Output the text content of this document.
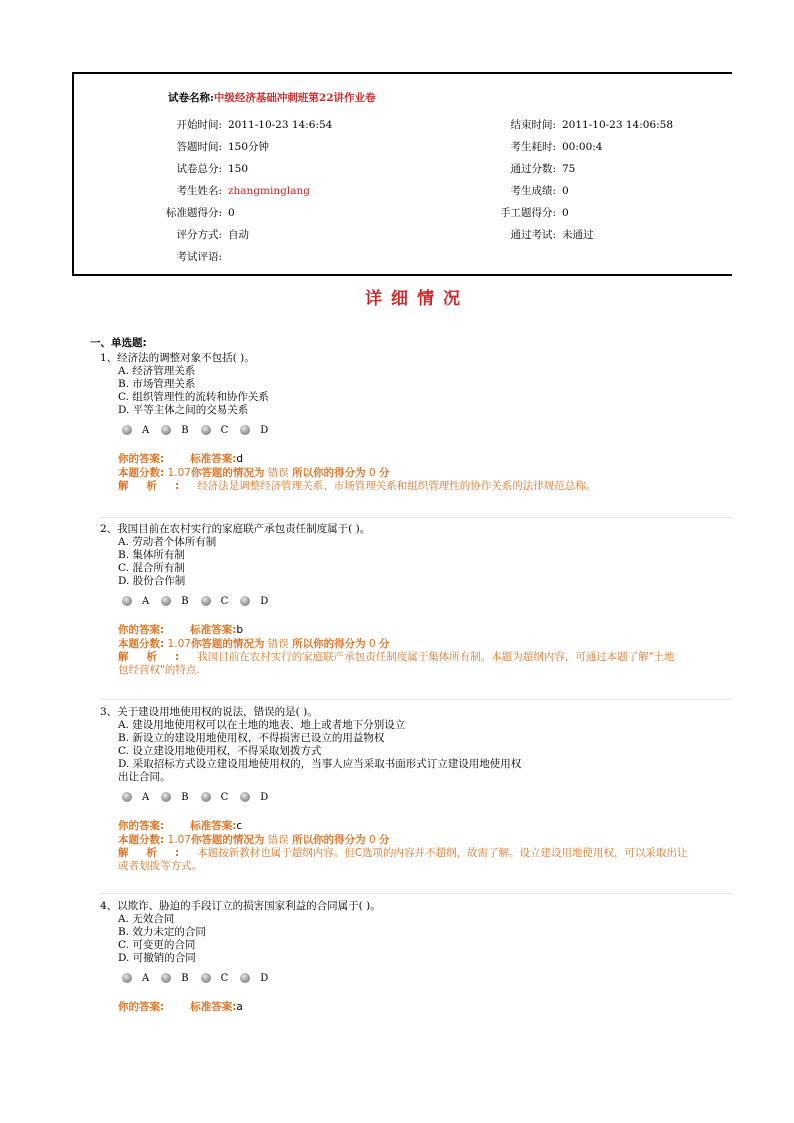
试卷名称:中级经济基础冲刺班第22讲作业卷
开始时间: 2011-10-23 14:6:54	结束时间: 2011-10-23 14:06:58
答题时间: 150分钟	考生耗时: 00:00:4
试卷总分: 150	通过分数: 75
考生姓名: zhangminglang	考生成绩: 0
标准题得分: 0	手工题得分: 0
评分方式: 自动	通过考试: 未通过
考试评语:
详细情况
一、单选题:
1、经济法的调整对象不包括( )。
A. 经济管理关系
B. 市场管理关系
C. 组织管理性的流转和协作关系
D. 平等主体之间的交易关系
A	B	C	D
你的答案: 标准答案:d
本题分数: 1.07你答题的情况为 错误 所以你的得分为 0 分
解析:经济法是调整经济管理关系、市场管理关系和组织管理性的协作关系的法律规范总称。
2、我国目前在农村实行的家庭联产承包责任制度属于( )。
A. 劳动者个体所有制
B. 集体所有制
C. 混合所有制
D. 股份合作制
A	B	C	D
你的答案: 标准答案:b
本题分数: 1.07你答题的情况为 错误 所以你的得分为 0 分
解析:我国目前在农村实行的家庭联产承包责任制度属于集体所有制。本题为超纲内容，可通过本题了解"土地
包经营权"的特点.
3、关于建设用地使用权的说法，错误的是( )。
A. 建设用地使用权可以在土地的地表、地上或者地下分别设立
B. 新设立的建设用地使用权，不得损害已设立的用益物权
C. 设立建设用地使用权，不得采取划拨方式
D. 采取招标方式设立建设用地使用权的，当事人应当采取书面形式订立建设用地使用权
出让合同。
A	B	C	D
你的答案: 标准答案:c
本题分数: 1.07你答题的情况为 错误 所以你的得分为 0 分
解析:本题按新教材也属于超纲内容。但C选项的内容并不超纲，故需了解。设立建设用地使用权，可以采取出让
或者划拨等方式。
4、以欺诈、胁迫的手段订立的损害国家利益的合同属于( )。
A. 无效合同
B. 效力未定的合同
C. 可变更的合同
D. 可撤销的合同
A	B	C	D
你的答案: 标准答案:a
